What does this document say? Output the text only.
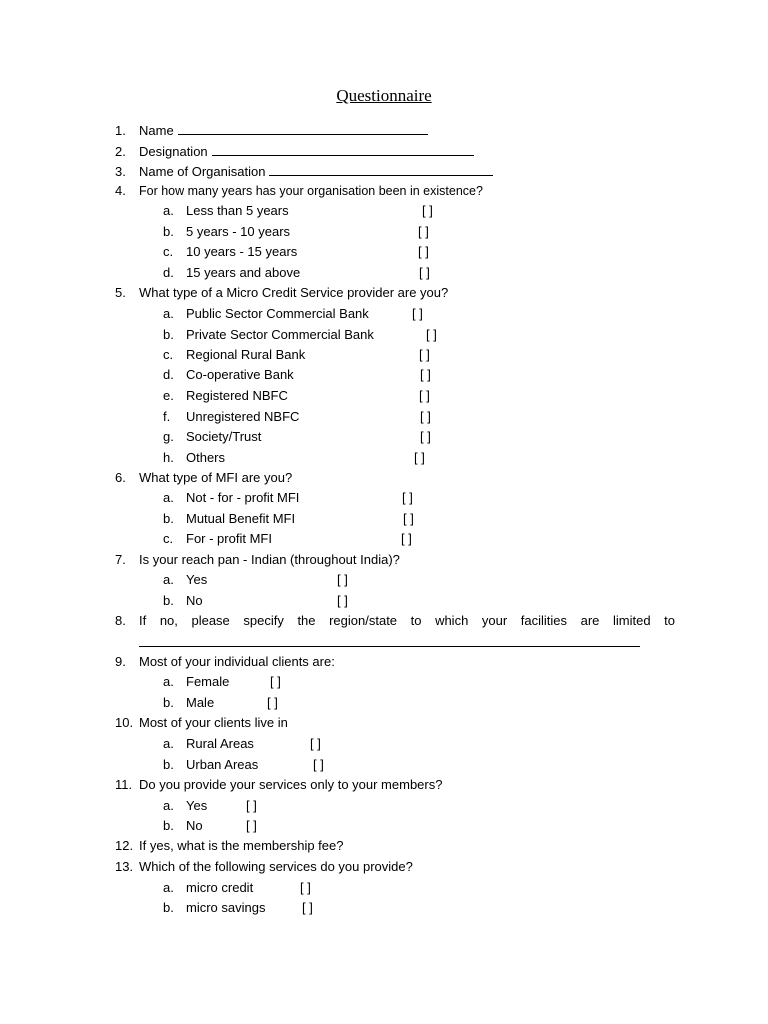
Questionnaire
1. Name
2. Designation
3. Name of Organisation
4. For how many years has your organisation been in existence?
a. Less than 5 years	[ ]
b. 5 years - 10 years	[ ]
c. 10 years - 15 years	[ ]
d. 15 years and above	[ ]
5. What type of a Micro Credit Service provider are you?
a. Public Sector Commercial Bank	[ ]
b. Private Sector Commercial Bank	[ ]
c. Regional Rural Bank	[ ]
d. Co-operative Bank	[ ]
e. Registered NBFC	[ ]
f. Unregistered NBFC	[ ]
g. Society/Trust	[ ]
h. Others	[ ]
6. What type of MFI are you?
a. Not - for - profit MFI	[ ]
b. Mutual Benefit MFI	[ ]
c. For - profit MFI	[ ]
7. Is your reach pan - Indian (throughout India)?
a. Yes	[ ]
b. No	[ ]
8. If no, please specify the region/state to which your facilities are limited to
9. Most of your individual clients are:
a. Female	[ ]
b. Male	[ ]
10. Most of your clients live in
a. Rural Areas	[ ]
b. Urban Areas	[ ]
11. Do you provide your services only to your members?
a. Yes	[ ]
b. No	[ ]
12. If yes, what is the membership fee?
13. Which of the following services do you provide?
a. micro credit	[ ]
b. micro savings	[ ]
